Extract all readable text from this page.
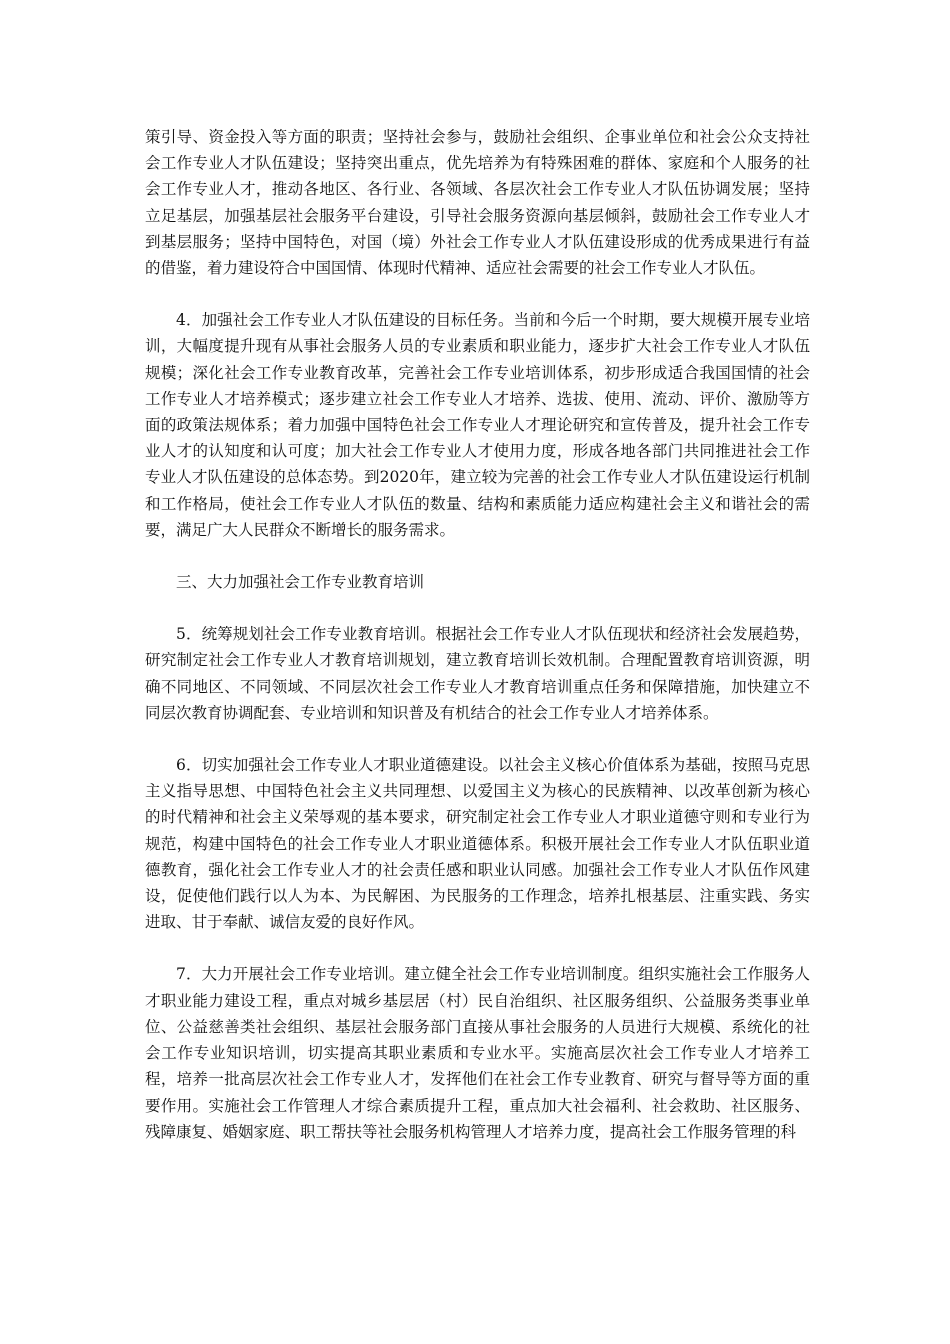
策引导、资金投入等方面的职责；坚持社会参与，鼓励社会组织、企事业单位和社会公众支持社会工作专业人才队伍建设；坚持突出重点，优先培养为有特殊困难的群体、家庭和个人服务的社会工作专业人才，推动各地区、各行业、各领域、各层次社会工作专业人才队伍协调发展；坚持立足基层，加强基层社会服务平台建设，引导社会服务资源向基层倾斜，鼓励社会工作专业人才到基层服务；坚持中国特色，对国（境）外社会工作专业人才队伍建设形成的优秀成果进行有益的借鉴，着力建设符合中国国情、体现时代精神、适应社会需要的社会工作专业人才队伍。

4．加强社会工作专业人才队伍建设的目标任务。当前和今后一个时期，要大规模开展专业培训，大幅度提升现有从事社会服务人员的专业素质和职业能力，逐步扩大社会工作专业人才队伍规模；深化社会工作专业教育改革，完善社会工作专业培训体系，初步形成适合我国国情的社会工作专业人才培养模式；逐步建立社会工作专业人才培养、选拔、使用、流动、评价、激励等方面的政策法规体系；着力加强中国特色社会工作专业人才理论研究和宣传普及，提升社会工作专业人才的认知度和认可度；加大社会工作专业人才使用力度，形成各地各部门共同推进社会工作专业人才队伍建设的总体态势。到2020年，建立较为完善的社会工作专业人才队伍建设运行机制和工作格局，使社会工作专业人才队伍的数量、结构和素质能力适应构建社会主义和谐社会的需要，满足广大人民群众不断增长的服务需求。

三、大力加强社会工作专业教育培训

5．统筹规划社会工作专业教育培训。根据社会工作专业人才队伍现状和经济社会发展趋势，研究制定社会工作专业人才教育培训规划，建立教育培训长效机制。合理配置教育培训资源，明确不同地区、不同领域、不同层次社会工作专业人才教育培训重点任务和保障措施，加快建立不同层次教育协调配套、专业培训和知识普及有机结合的社会工作专业人才培养体系。

6．切实加强社会工作专业人才职业道德建设。以社会主义核心价值体系为基础，按照马克思主义指导思想、中国特色社会主义共同理想、以爱国主义为核心的民族精神、以改革创新为核心的时代精神和社会主义荣辱观的基本要求，研究制定社会工作专业人才职业道德守则和专业行为规范，构建中国特色的社会工作专业人才职业道德体系。积极开展社会工作专业人才队伍职业道德教育，强化社会工作专业人才的社会责任感和职业认同感。加强社会工作专业人才队伍作风建设，促使他们践行以人为本、为民解困、为民服务的工作理念，培养扎根基层、注重实践、务实进取、甘于奉献、诚信友爱的良好作风。

7．大力开展社会工作专业培训。建立健全社会工作专业培训制度。组织实施社会工作服务人才职业能力建设工程，重点对城乡基层居（村）民自治组织、社区服务组织、公益服务类事业单位、公益慈善类社会组织、基层社会服务部门直接从事社会服务的人员进行大规模、系统化的社会工作专业知识培训，切实提高其职业素质和专业水平。实施高层次社会工作专业人才培养工程，培养一批高层次社会工作专业人才，发挥他们在社会工作专业教育、研究与督导等方面的重要作用。实施社会工作管理人才综合素质提升工程，重点加大社会福利、社会救助、社区服务、残障康复、婚姻家庭、职工帮扶等社会服务机构管理人才培养力度，提高社会工作服务管理的科
